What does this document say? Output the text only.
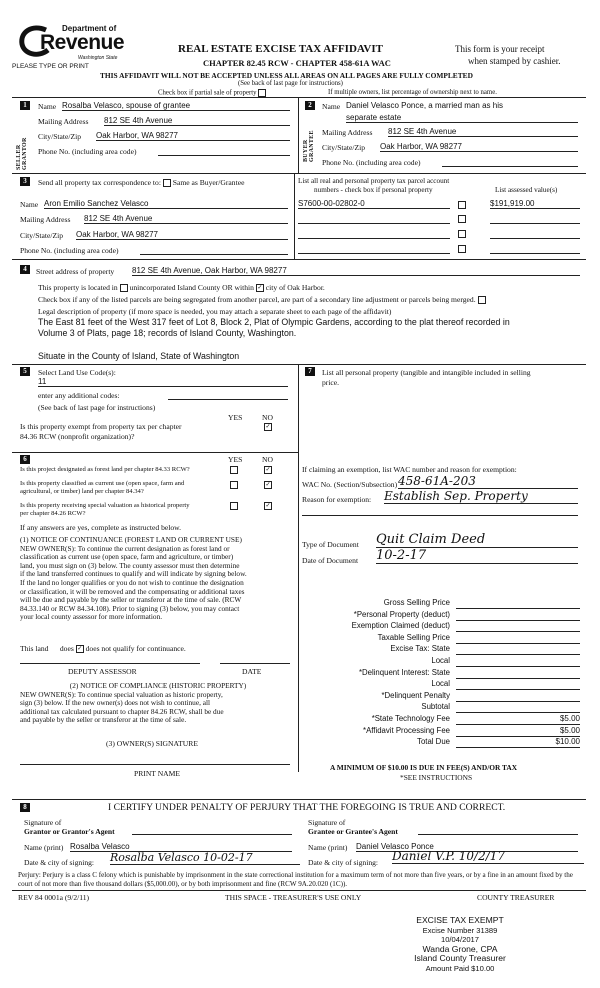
Department of
Revenue
Washington State
PLEASE TYPE OR PRINT
REAL ESTATE EXCISE TAX AFFIDAVIT
CHAPTER 82.45 RCW - CHAPTER 458-61A WAC
This form is your receipt
when stamped by cashier.
THIS AFFIDAVIT WILL NOT BE ACCEPTED UNLESS ALL AREAS ON ALL PAGES ARE FULLY COMPLETED
(See back of last page for instructions)
Check box if partial sale of property	If multiple owners, list percentage of ownership next to name.
1
SELLER GRANTOR
Name Rosalba Velasco, spouse of grantee
Mailing Address 812 SE 4th Avenue
City/State/Zip Oak Harbor, WA 98277
Phone No. (including area code)
2
BUYER GRANTEE
Name Daniel Velasco Ponce, a married man as his
separate estate
Mailing Address 812 SE 4th Avenue
City/State/Zip Oak Harbor, WA 98277
Phone No. (including area code)
3	Send all property tax correspondence to: Same as Buyer/Grantee
Name Aron Emilio Sanchez Velasco
Mailing Address 812 SE 4th Avenue
City/State/Zip Oak Harbor, WA 98277
Phone No. (including area code)
List all real and personal property tax parcel account
numbers - check box if personal property	List assessed value(s)
S7600-00-02802-0	$191,919.00
4	Street address of property 812 SE 4th Avenue, Oak Harbor, WA 98277
This property is located in unincorporated Island County OR within ✓ city of Oak Harbor.
Check box if any of the listed parcels are being segregated from another parcel, are part of a secondary line adjustment or parcels being merged.
Legal description of property (if more space is needed, you may attach a separate sheet to each page of the affidavit)
The East 81 feet of the West 317 feet of Lot 8, Block 2, Plat of Olympic Gardens, according to the plat thereof recorded in
Volume 3 of Plats, page 18; records of Island County, Washington.
Situate in the County of Island, State of Washington
5	Select Land Use Code(s):
11
enter any additional codes:
(See back of last page for instructions)
YES	NO
Is this property exempt from property tax per chapter
84.36 RCW (nonprofit organization)?
✓
7	List all personal property (tangible and intangible included in selling
price.
6	YES	NO
Is this project designated as forest land per chapter 84.33 RCW?	✓
Is this property classified as current use (open space, farm and
agricultural, or timber) land per chapter 84.34?
✓
Is this property receiving special valuation as historical property
per chapter 84.26 RCW?
✓
If any answers are yes, complete as instructed below.
(1) NOTICE OF CONTINUANCE (FOREST LAND OR CURRENT USE)
NEW OWNER(S): To continue the current designation as forest land or
classification as current use (open space, farm and agriculture, or timber)
land, you must sign on (3) below. The county assessor must then determine
if the land transferred continues to qualify and will indicate by signing below.
If the land no longer qualifies or you do not wish to continue the designation
or classification, it will be removed and the compensating or additional taxes
will be due and payable by the seller or transferor at the time of sale. (RCW
84.33.140 or RCW 84.34.108). Prior to signing (3) below, you may contact
your local county assessor for more information.
This land does ✓ does not qualify for continuance.
DEPUTY ASSESSOR	DATE
(2) NOTICE OF COMPLIANCE (HISTORIC PROPERTY)
NEW OWNER(S): To continue special valuation as historic property,
sign (3) below. If the new owner(s) does not wish to continue, all
additional tax calculated pursuant to chapter 84.26 RCW, shall be due
and payable by the seller or transferor at the time of sale.
(3) OWNER(S) SIGNATURE
PRINT NAME
If claiming an exemption, list WAC number and reason for exemption:
WAC No. (Section/Subsection) 458-61A-203
Reason for exemption: Establish Sep. Property
Type of Document Quit Claim Deed
Date of Document 10-2-17
Gross Selling Price
*Personal Property (deduct)
Exemption Claimed (deduct)
Taxable Selling Price
Excise Tax: State
Local
*Delinquent Interest: State
Local
*Delinquent Penalty
Subtotal
*State Technology Fee	$5.00
*Affidavit Processing Fee	$5.00
Total Due	$10.00
A MINIMUM OF $10.00 IS DUE IN FEE(S) AND/OR TAX
*SEE INSTRUCTIONS
8	I CERTIFY UNDER PENALTY OF PERJURY THAT THE FOREGOING IS TRUE AND CORRECT.
Signature of
Grantor or Grantor's Agent
Signature of
Grantee or Grantee's Agent
Name (print) Rosalba Velasco	Name (print) Daniel Velasco Ponce
Date & city of signing: Rosalba Velasco 10-02-17	Date & city of signing: Daniel V.P. 10/2/17
Perjury: Perjury is a class C felony which is punishable by imprisonment in the state correctional institution for a maximum term of not more than five years, or by a fine in an amount fixed by the court of not more than five thousand dollars ($5,000.00), or by both imprisonment and fine (RCW 9A.20.020 (1C)).
REV 84 0001a (9/2/11)	THIS SPACE - TREASURER'S USE ONLY	COUNTY TREASURER
EXCISE TAX EXEMPT
Excise Number 31389
10/04/2017
Wanda Grone, CPA
Island County Treasurer
Amount Paid $10.00
